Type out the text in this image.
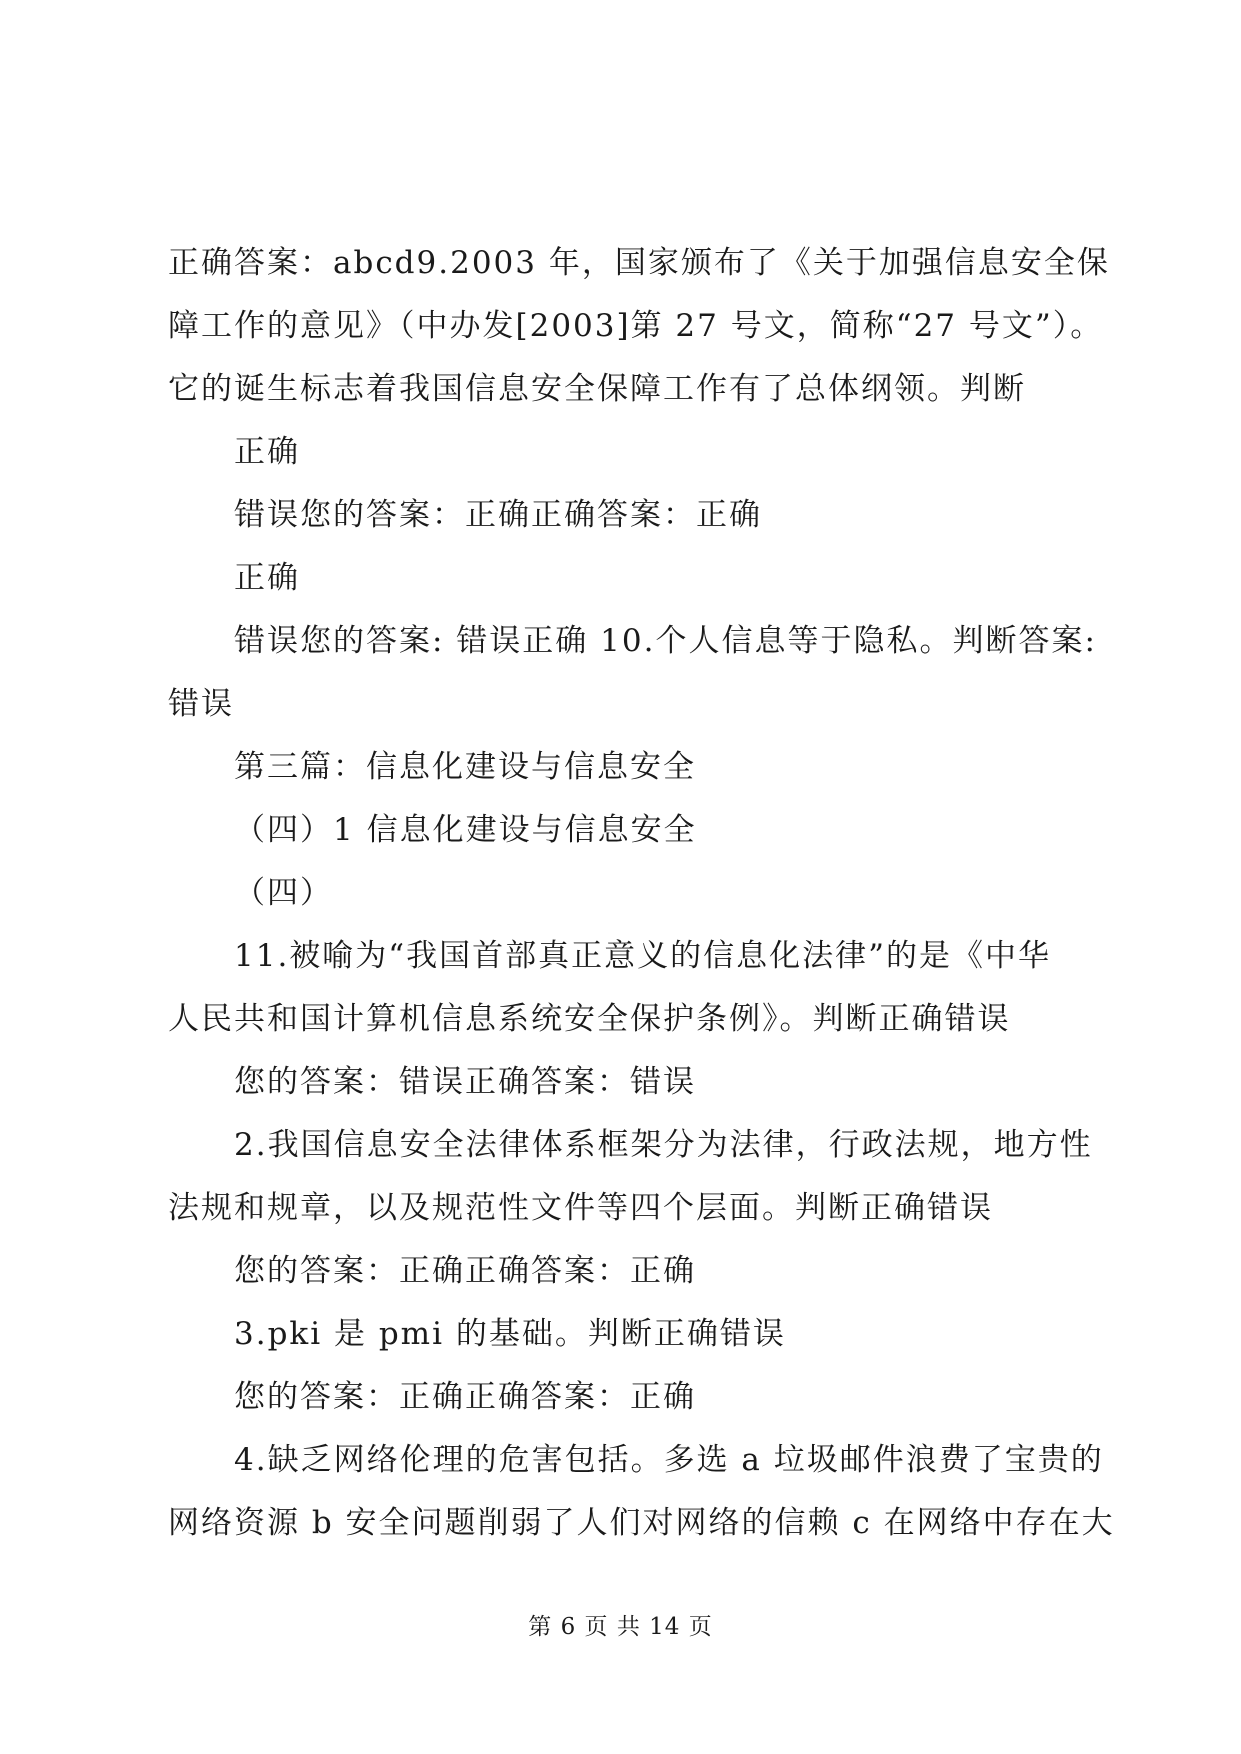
正确答案：abcd9.2003 年，国家颁布了《关于加强信息安全保
障工作的意见》（中办发[2003]第 27 号文，简称“27 号文”）。
它的诞生标志着我国信息安全保障工作有了总体纲领。判断

正确

错误您的答案：正确正确答案：正确

正确

错误您的答案: 错误正确 10.个人信息等于隐私。判断答案:
错误

第三篇：信息化建设与信息安全

（四）1 信息化建设与信息安全

（四）

11.被喻为“我国首部真正意义的信息化法律”的是《中华
人民共和国计算机信息系统安全保护条例》。判断正确错误

您的答案：错误正确答案：错误

2.我国信息安全法律体系框架分为法律，行政法规，地方性
法规和规章，以及规范性文件等四个层面。判断正确错误

您的答案：正确正确答案：正确

3.pki 是 pmi 的基础。判断正确错误

您的答案：正确正确答案：正确

4.缺乏网络伦理的危害包括。多选 a 垃圾邮件浪费了宝贵的
网络资源 b 安全问题削弱了人们对网络的信赖 c 在网络中存在大

第 6 页 共 14 页
